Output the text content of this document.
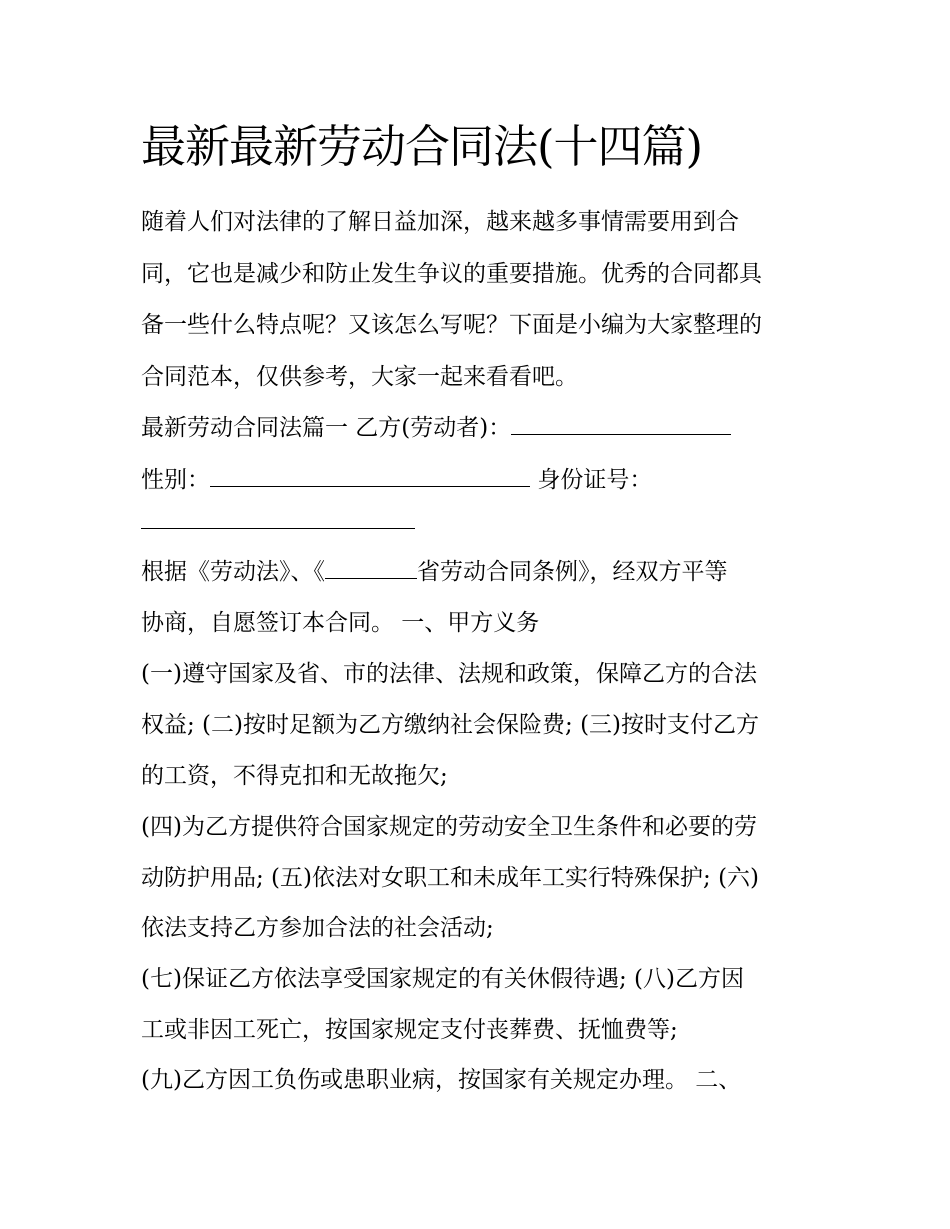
最新最新劳动合同法(十四篇)

随着人们对法律的了解日益加深，越来越多事情需要用到合

同，它也是减少和防止发生争议的重要措施。优秀的合同都具

备一些什么特点呢？又该怎么写呢？下面是小编为大家整理的

合同范本，仅供参考，大家一起来看看吧。

最新劳动合同法篇一 乙方(劳动者)：

性别：	身份证号：

根据《劳动法》、《	省劳动合同条例》，经双方平等

协商，自愿签订本合同。 一、甲方义务

(一)遵守国家及省、市的法律、法规和政策，保障乙方的合法

权益; (二)按时足额为乙方缴纳社会保险费; (三)按时支付乙方

的工资，不得克扣和无故拖欠;

(四)为乙方提供符合国家规定的劳动安全卫生条件和必要的劳

动防护用品; (五)依法对女职工和未成年工实行特殊保护; (六)

依法支持乙方参加合法的社会活动;

(七)保证乙方依法享受国家规定的有关休假待遇; (八)乙方因

工或非因工死亡，按国家规定支付丧葬费、抚恤费等;

(九)乙方因工负伤或患职业病，按国家有关规定办理。 二、
